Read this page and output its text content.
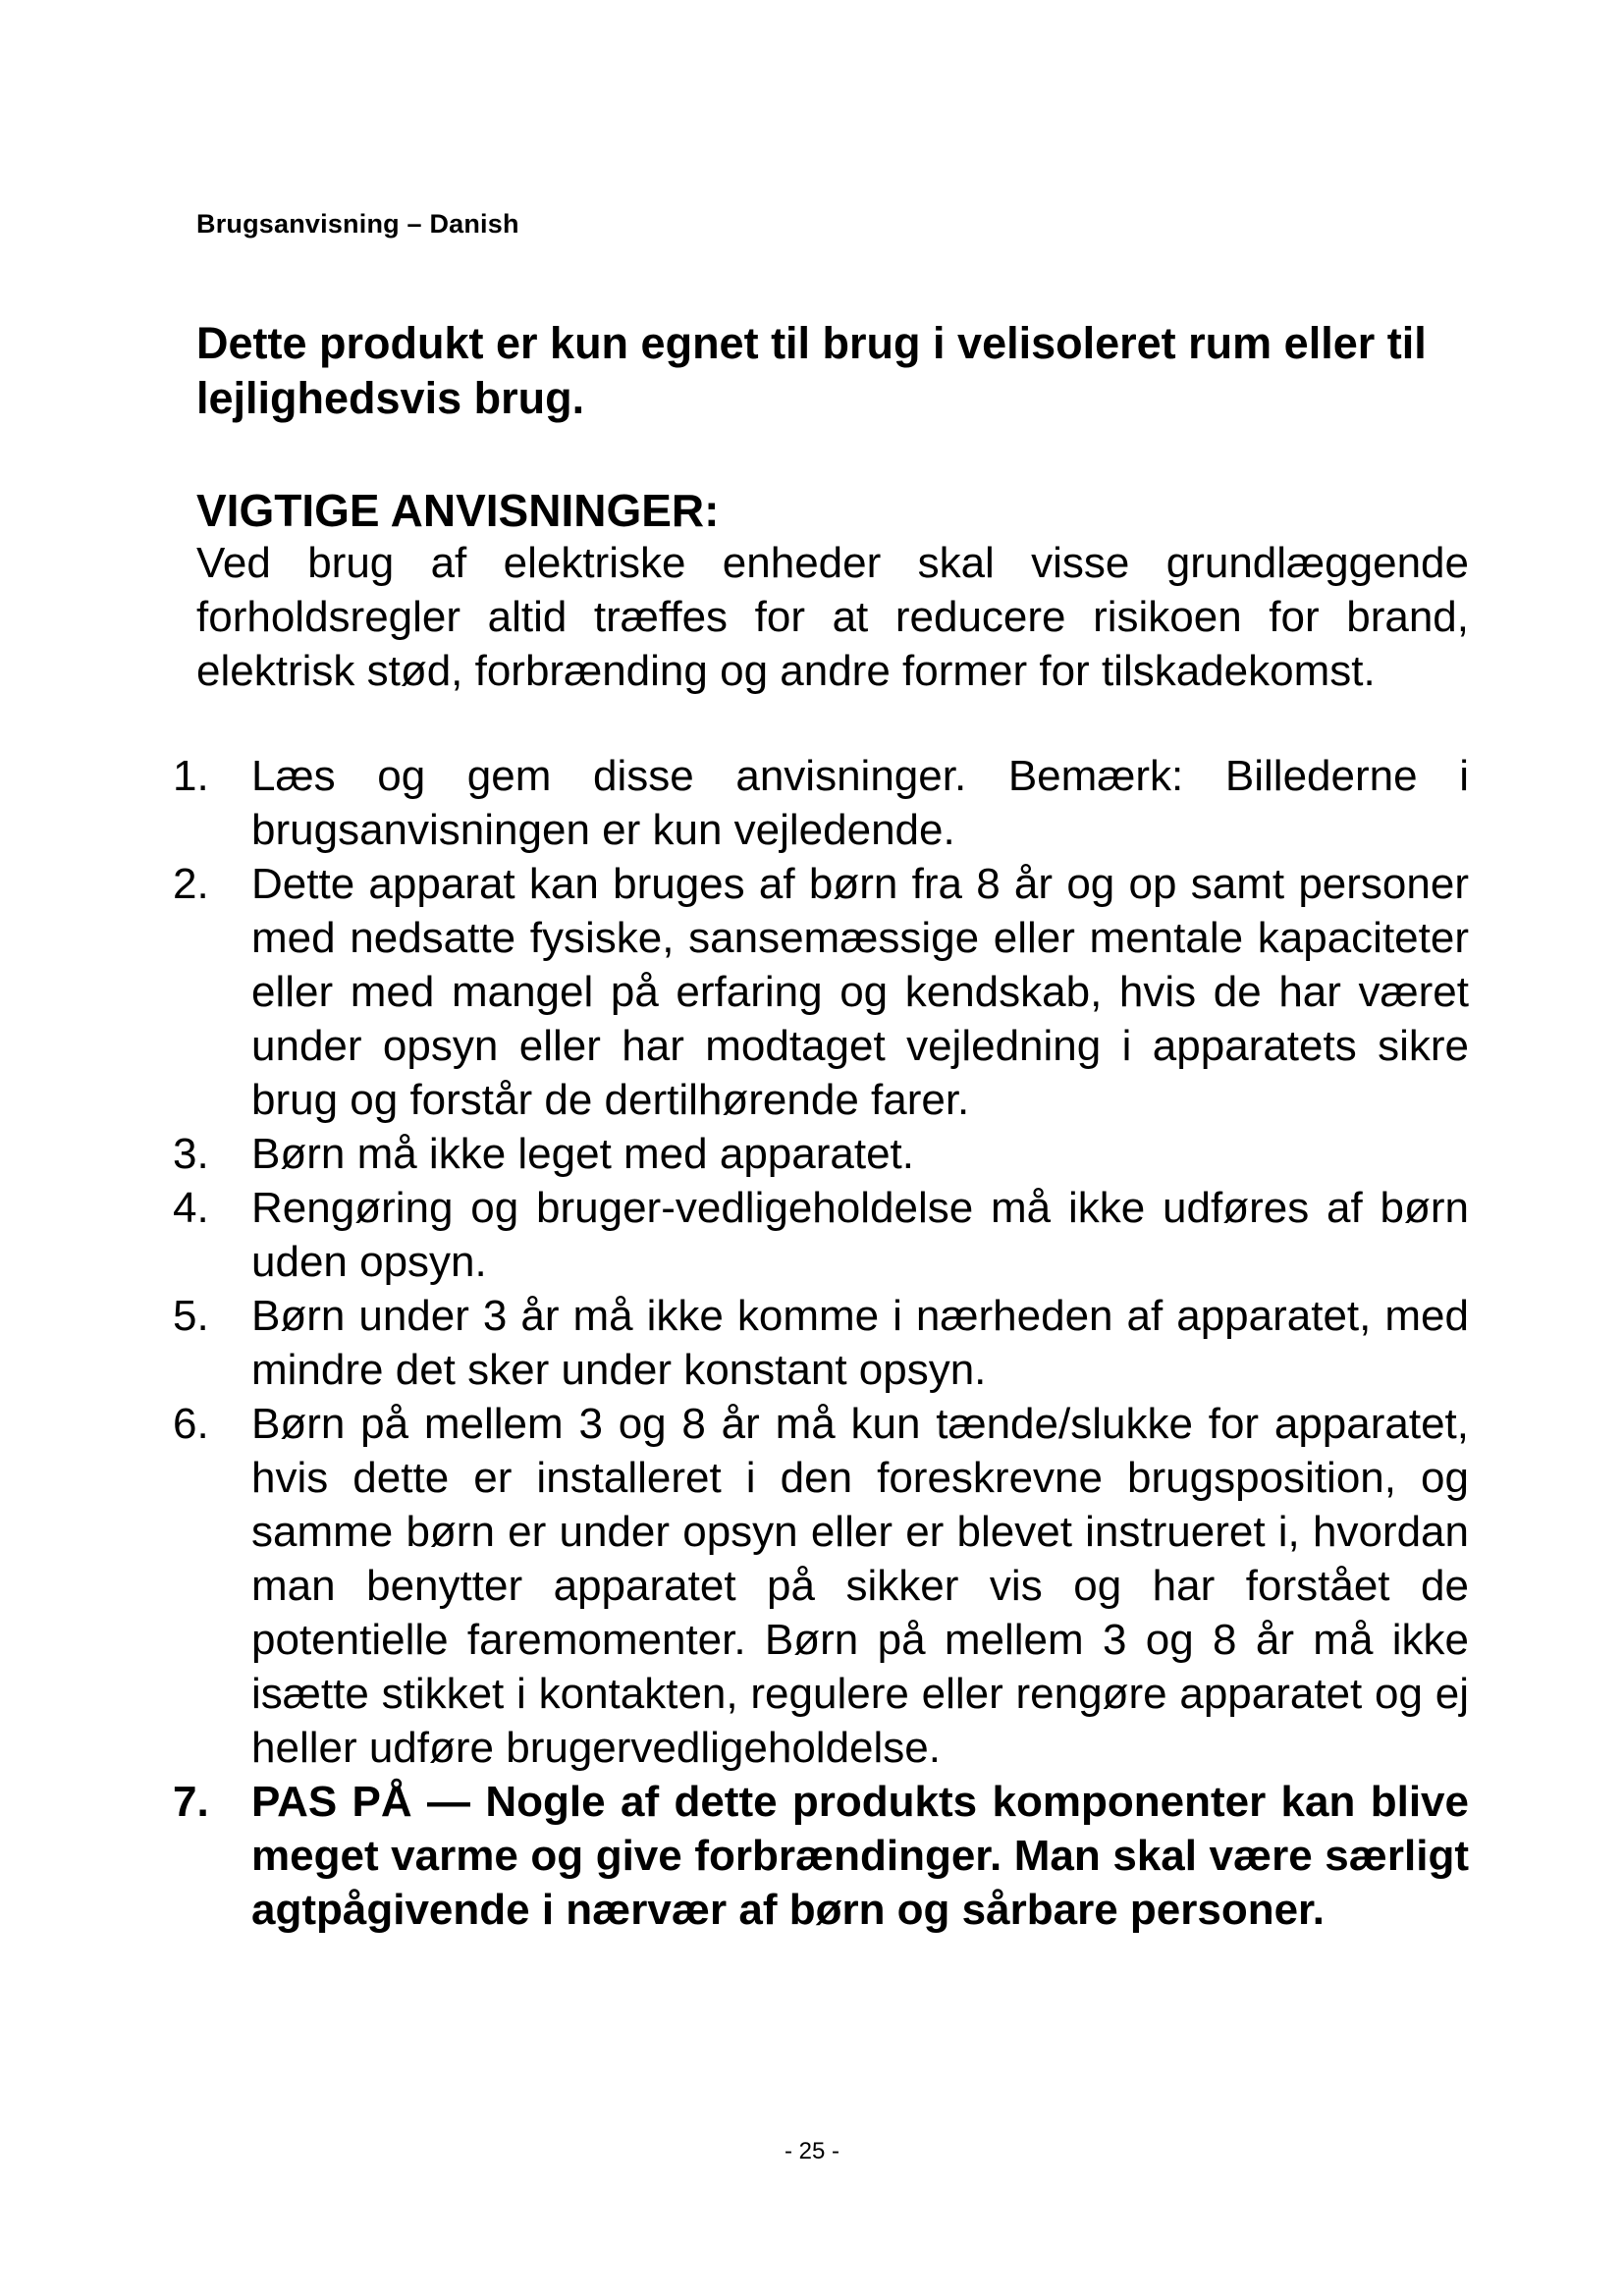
Brugsanvisning – Danish
Dette produkt er kun egnet til brug i velisoleret rum eller til lejlighedsvis brug.
VIGTIGE ANVISNINGER:
Ved brug af elektriske enheder skal visse grundlæggende forholdsregler altid træffes for at reducere risikoen for brand, elektrisk stød, forbrænding og andre former for tilskadekomst.
1. Læs og gem disse anvisninger. Bemærk: Billederne i brugsanvisningen er kun vejledende.
2. Dette apparat kan bruges af børn fra 8 år og op samt personer med nedsatte fysiske, sansemæssige eller mentale kapaciteter eller med mangel på erfaring og kendskab, hvis de har været under opsyn eller har modtaget vejledning i apparatets sikre brug og forstår de dertilhørende farer.
3. Børn må ikke leget med apparatet.
4. Rengøring og bruger-vedligeholdelse må ikke udføres af børn uden opsyn.
5. Børn under 3 år må ikke komme i nærheden af apparatet, med mindre det sker under konstant opsyn.
6. Børn på mellem 3 og 8 år må kun tænde/slukke for apparatet, hvis dette er installeret i den foreskrevne brugsposition, og samme børn er under opsyn eller er blevet instrueret i, hvordan man benytter apparatet på sikker vis og har forstået de potentielle faremomenter. Børn på mellem 3 og 8 år må ikke isætte stikket i kontakten, regulere eller rengøre apparatet og ej heller udføre brugervedligeholdelse.
7. PAS PÅ — Nogle af dette produkts komponenter kan blive meget varme og give forbrændinger. Man skal være særligt agtpågivende i nærvær af børn og sårbare personer.
- 25 -
